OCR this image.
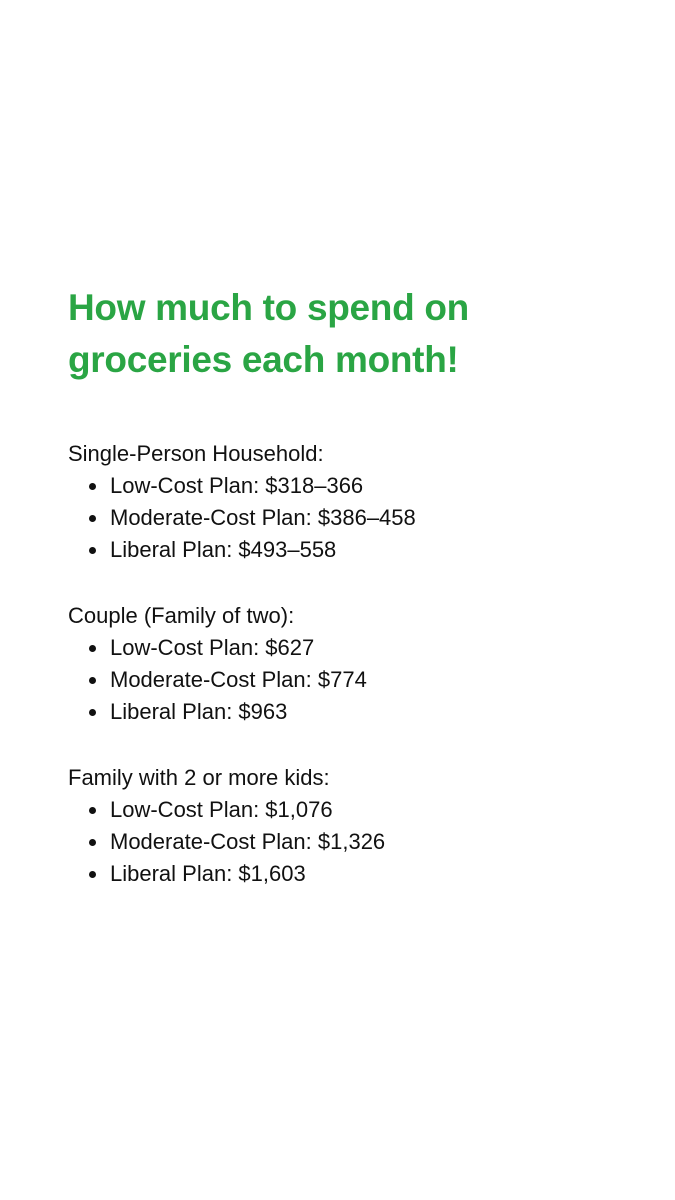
How much to spend on
groceries each month!

Single-Person Household:

Low-Cost Plan: $318–366
Moderate-Cost Plan: $386–458
Liberal Plan: $493–558

Couple (Family of two):

Low-Cost Plan: $627
Moderate-Cost Plan: $774
Liberal Plan: $963

Family with 2 or more kids:

Low-Cost Plan: $1,076
Moderate-Cost Plan: $1,326
Liberal Plan: $1,603
